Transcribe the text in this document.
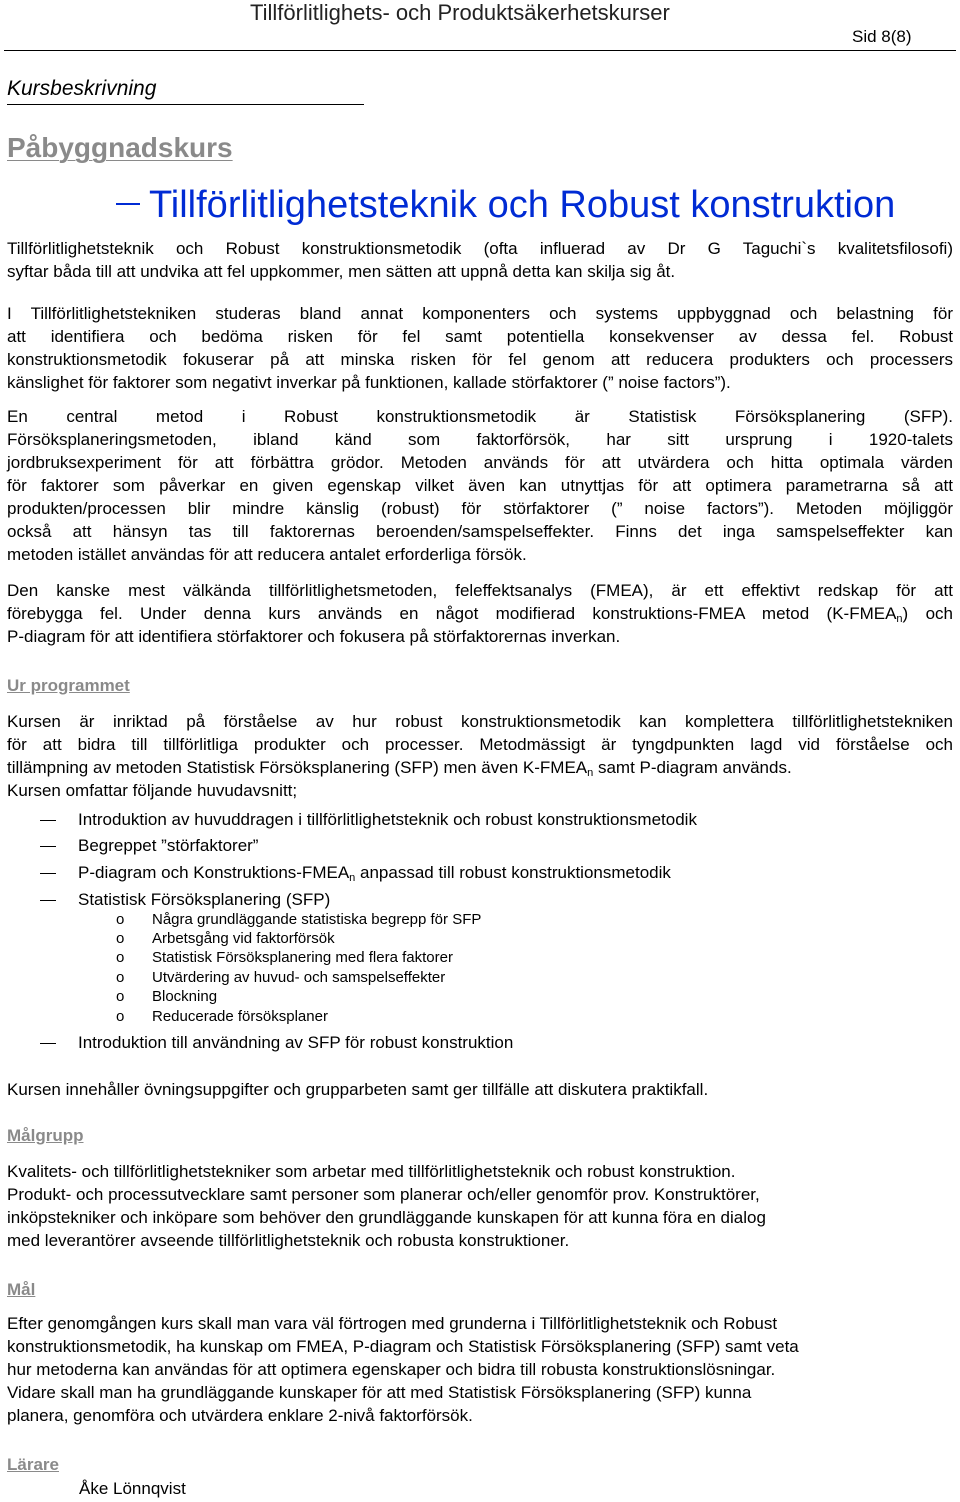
Tillförlitlighets- och Produktsäkerhetskurser
Sid 8(8)
Kursbeskrivning
Påbyggnadskurs
Tillförlitlighetsteknik och Robust konstruktion
Tillförlitlighetsteknik och Robust konstruktionsmetodik (ofta influerad av Dr G Taguchi`s kvalitetsfilosofi)
syftar båda till att undvika att fel uppkommer, men sätten att uppnå detta kan skilja sig åt.
I Tillförlitlighetstekniken studeras bland annat komponenters och systems uppbyggnad och belastning för
att identifiera och bedöma risken för fel samt potentiella konsekvenser av dessa fel. Robust
konstruktionsmetodik fokuserar på att minska risken för fel genom att reducera produkters och processers
känslighet för faktorer som negativt inverkar på funktionen, kallade störfaktorer (” noise factors”).
En central metod i Robust konstruktionsmetodik är Statistisk Försöksplanering (SFP).
Försöksplaneringsmetoden, ibland känd som faktorförsök, har sitt ursprung i 1920-talets
jordbruksexperiment för att förbättra grödor. Metoden används för att utvärdera och hitta optimala värden
för faktorer som påverkar en given egenskap vilket även kan utnyttjas för att optimera parametrarna så att
produkten/processen blir mindre känslig (robust) för störfaktorer (” noise factors”). Metoden möjliggör
också att hänsyn tas till faktorernas beroenden/samspelseffekter. Finns det inga samspelseffekter kan
metoden istället användas för att reducera antalet erforderliga försök.
Den kanske mest välkända tillförlitlighetsmetoden, feleffektsanalys (FMEA), är ett effektivt redskap för att
förebygga fel. Under denna kurs används en något modifierad konstruktions-FMEA metod $(K-FMEA_n)$ och
P-diagram för att identifiera störfaktorer och fokusera på störfaktorernas inverkan.
Ur programmet
Kursen är inriktad på förståelse av hur robust konstruktionsmetodik kan komplettera tillförlitlighetstekniken
för att bidra till tillförlitliga produkter och processer. Metodmässigt är tyngdpunkten lagd vid förståelse och
tillämpning av metoden Statistisk Försöksplanering (SFP) men även $K-FMEA_n$ samt P-diagram används.
Kursen omfattar följande huvudavsnitt;
Introduktion av huvuddragen i tillförlitlighetsteknik och robust konstruktionsmetodik
Begreppet ”störfaktorer”
P-diagram och Konstruktions-$FMEA_n$ anpassad till robust konstruktionsmetodik
Statistisk Försöksplanering (SFP)
o Några grundläggande statistiska begrepp för SFP
o Arbetsgång vid faktorförsök
o Statistisk Försöksplanering med flera faktorer
o Utvärdering av huvud- och samspelseffekter
o Blockning
o Reducerade försöksplaner
Introduktion till användning av SFP för robust konstruktion
Kursen innehåller övningsuppgifter och grupparbeten samt ger tillfälle att diskutera praktikfall.
Målgrupp
Kvalitets- och tillförlitlighetstekniker som arbetar med tillförlitlighetsteknik och robust konstruktion.
Produkt- och processutvecklare samt personer som planerar och/eller genomför prov. Konstruktörer,
inköpstekniker och inköpare som behöver den grundläggande kunskapen för att kunna föra en dialog
med leverantörer avseende tillförlitlighetsteknik och robusta konstruktioner.
Mål
Efter genomgången kurs skall man vara väl förtrogen med grunderna i Tillförlitlighetsteknik och Robust
konstruktionsmetodik, ha kunskap om FMEA, P-diagram och Statistisk Försöksplanering (SFP) samt veta
hur metoderna kan användas för att optimera egenskaper och bidra till robusta konstruktionslösningar.
Vidare skall man ha grundläggande kunskaper för att med Statistisk Försöksplanering (SFP) kunna
planera, genomföra och utvärdera enklare 2-nivå faktorförsök.
Lärare
Åke Lönnqvist
